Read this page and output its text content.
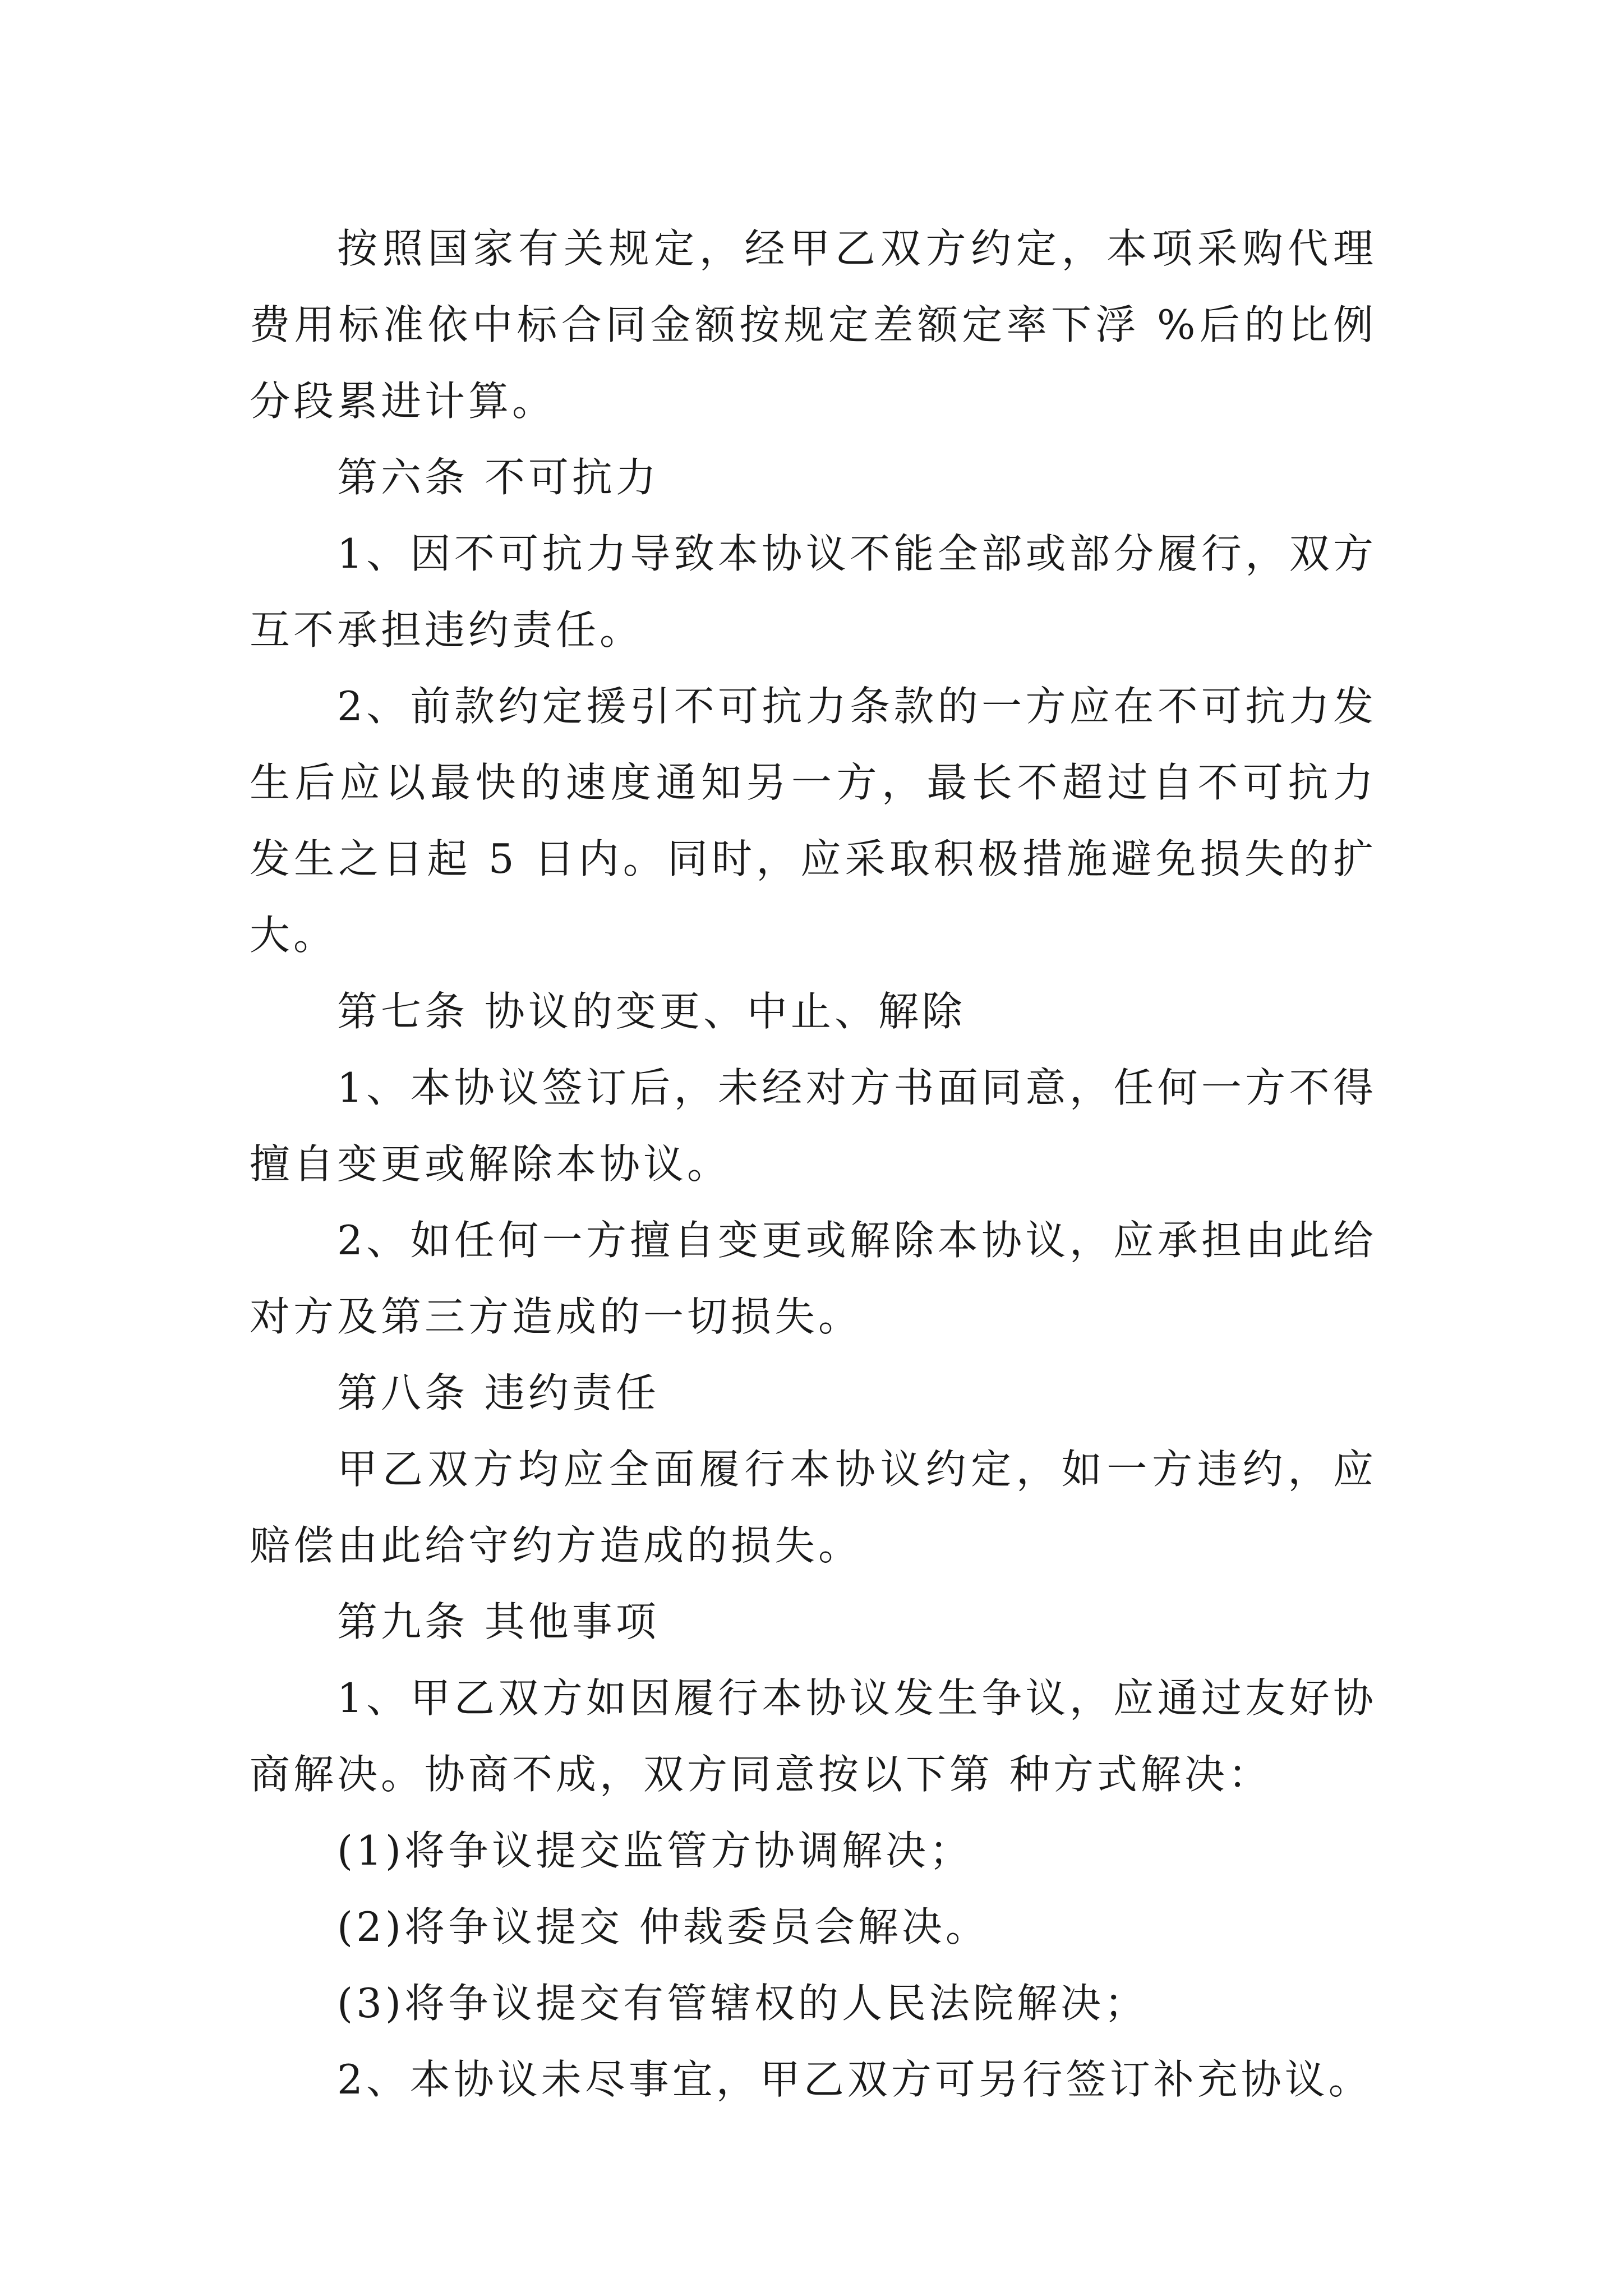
按照国家有关规定，经甲乙双方约定，本项采购代理费用标准依中标合同金额按规定差额定率下浮 %后的比例分段累进计算。

第六条 不可抗力

1、因不可抗力导致本协议不能全部或部分履行，双方互不承担违约责任。

2、前款约定援引不可抗力条款的一方应在不可抗力发生后应以最快的速度通知另一方，最长不超过自不可抗力发生之日起 5 日内。同时，应采取积极措施避免损失的扩大。

第七条 协议的变更、中止、解除

1、本协议签订后，未经对方书面同意，任何一方不得擅自变更或解除本协议。

2、如任何一方擅自变更或解除本协议，应承担由此给对方及第三方造成的一切损失。

第八条 违约责任

甲乙双方均应全面履行本协议约定，如一方违约，应赔偿由此给守约方造成的损失。

第九条 其他事项

1、甲乙双方如因履行本协议发生争议，应通过友好协商解决。协商不成，双方同意按以下第 种方式解决：

(1)将争议提交监管方协调解决；

(2)将争议提交 仲裁委员会解决。

(3)将争议提交有管辖权的人民法院解决；

2、本协议未尽事宜，甲乙双方可另行签订补充协议。
